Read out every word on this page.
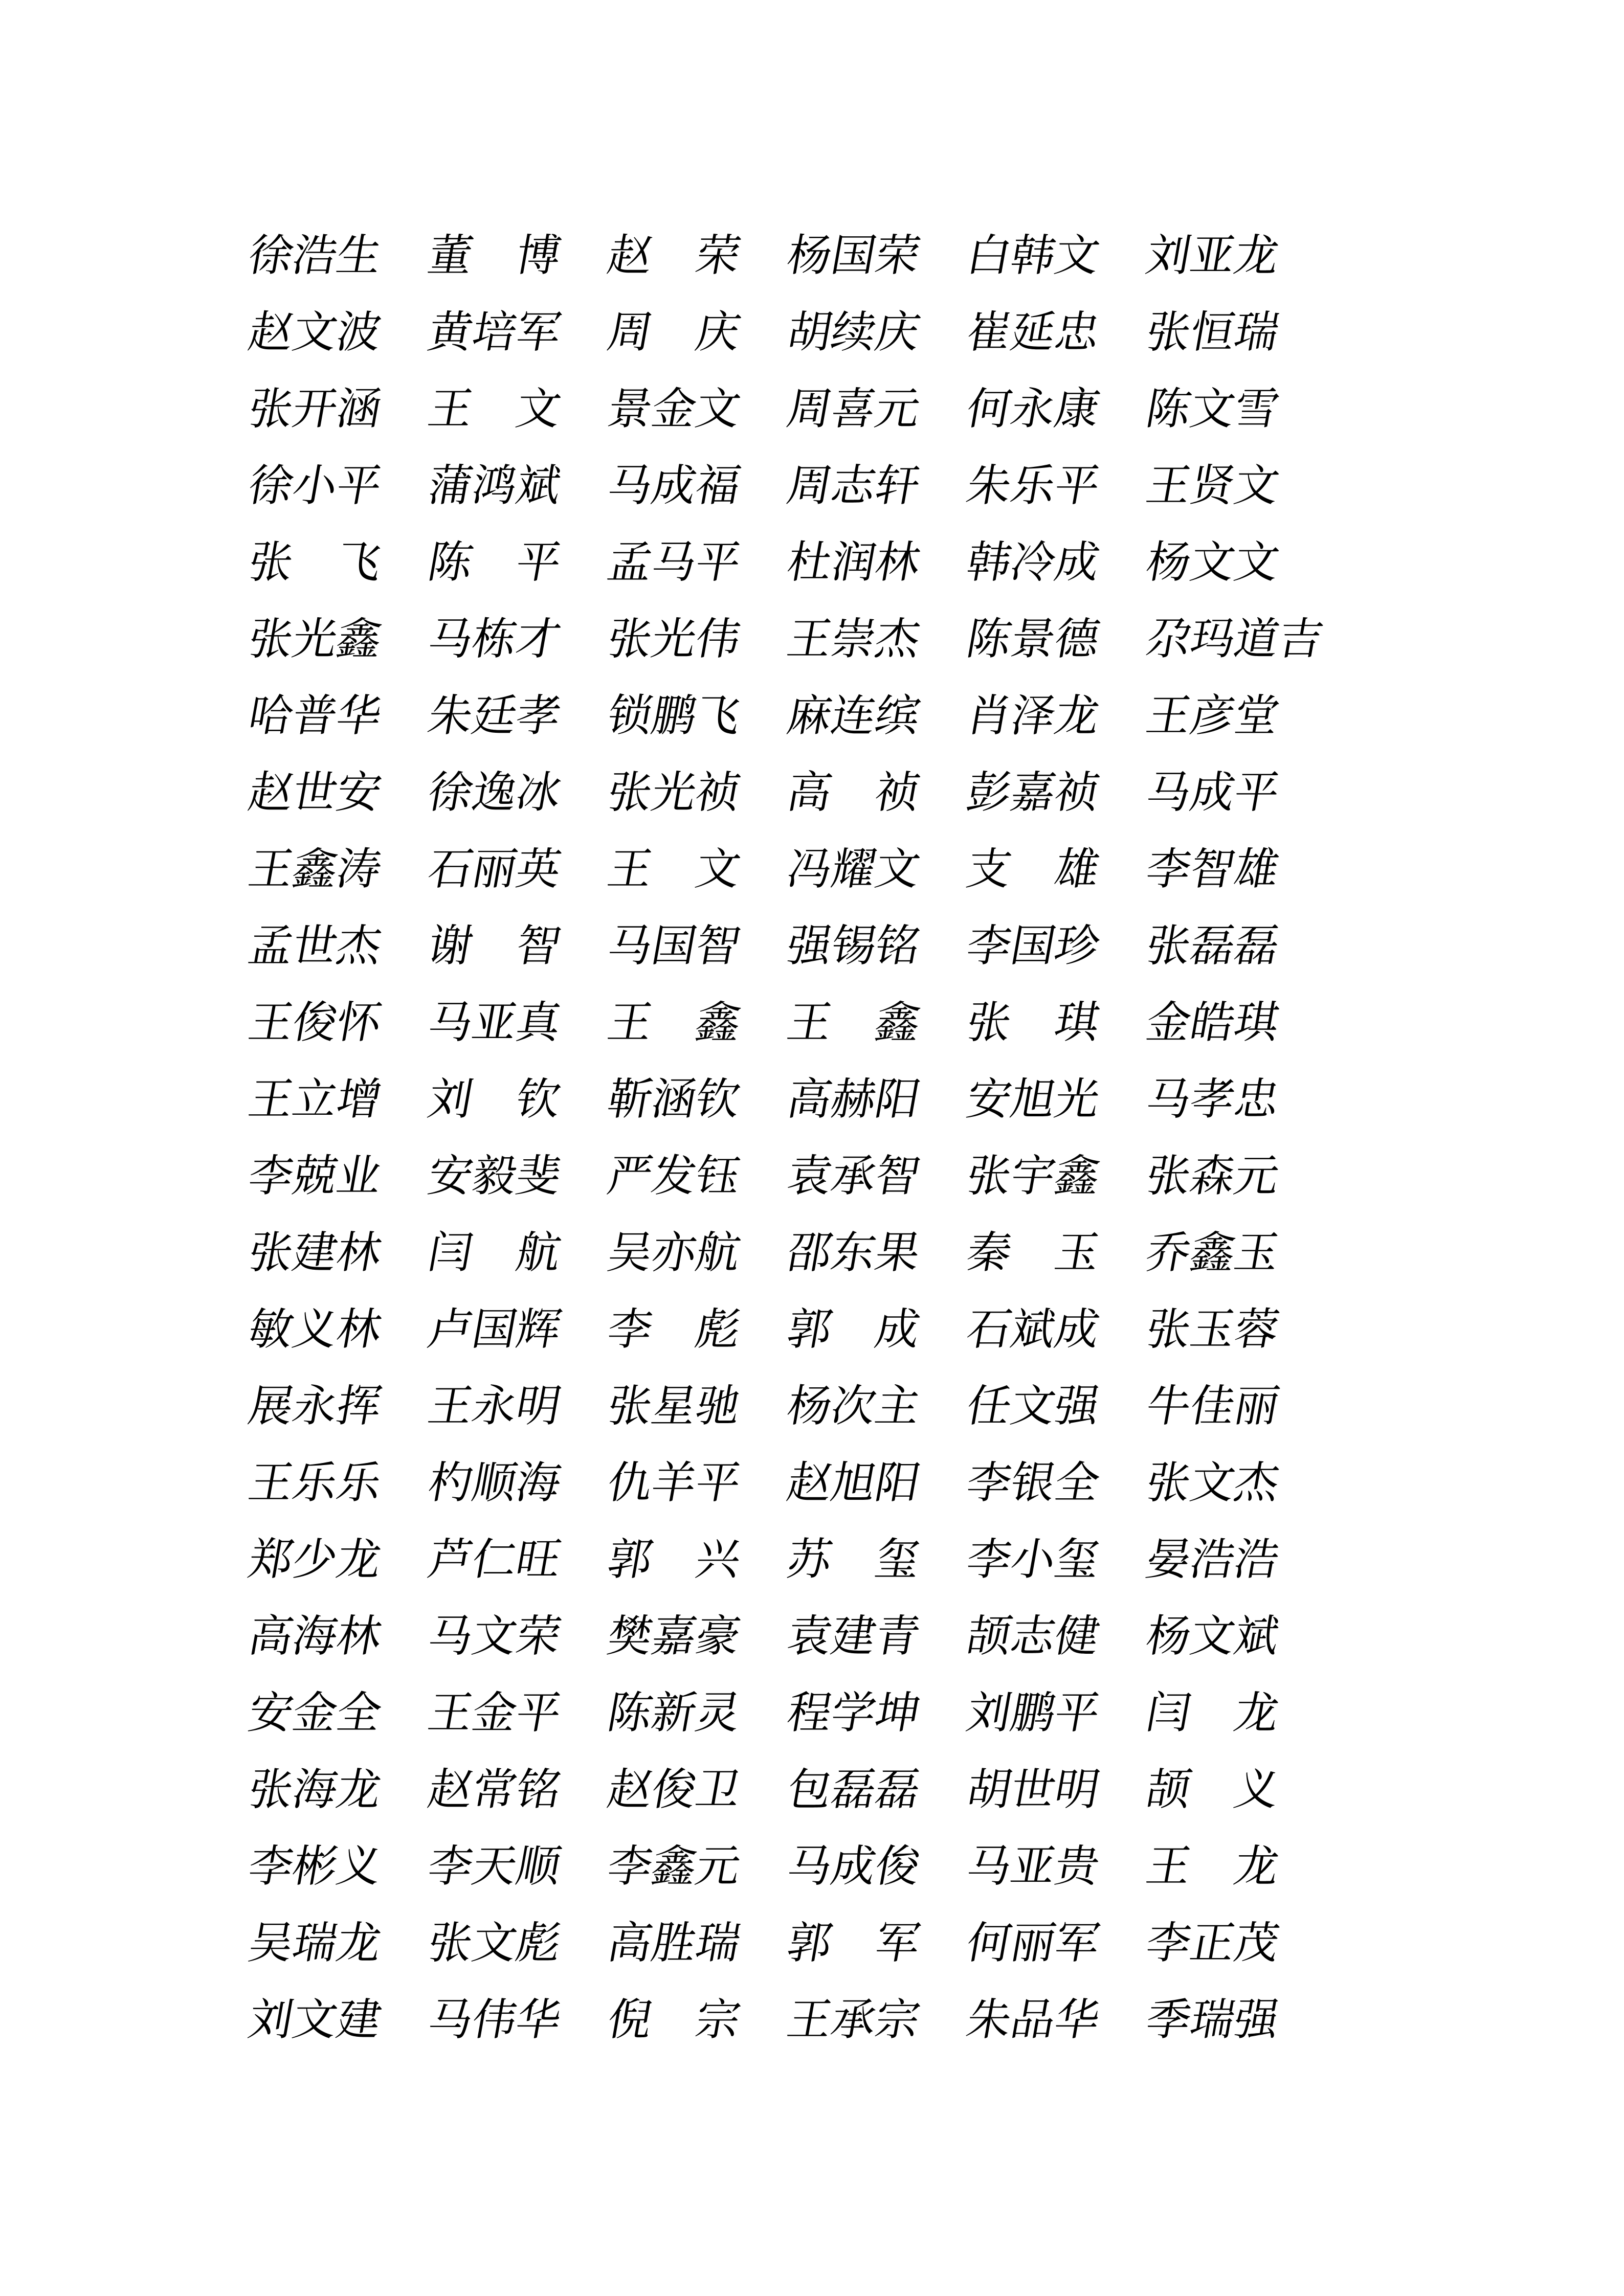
徐浩生 董　博 赵　荣 杨国荣 白韩文 刘亚龙
赵文波 黄培军 周　庆 胡续庆 崔延忠 张恒瑞
张开涵 王　文 景金文 周喜元 何永康 陈文雪
徐小平 蒲鸿斌 马成福 周志轩 朱乐平 王贤文
张　飞 陈　平 孟马平 杜润林 韩冷成 杨文文
张光鑫 马栋才 张光伟 王崇杰 陈景德 尕玛道吉
哈普华 朱廷孝 锁鹏飞 麻连缤 肖泽龙 王彦堂
赵世安 徐逸冰 张光祯 高　祯 彭嘉祯 马成平
王鑫涛 石丽英 王　文 冯耀文 支　雄 李智雄
孟世杰 谢　智 马国智 强锡铭 李国珍 张磊磊
王俊怀 马亚真 王　鑫 王　鑫 张　琪 金皓琪
王立增 刘　钦 靳涵钦 高赫阳 安旭光 马孝忠
李兢业 安毅斐 严发钰 袁承智 张宇鑫 张森元
张建林 闫　航 吴亦航 邵东果 秦　玉 乔鑫玉
敏义林 卢国辉 李　彪 郭　成 石斌成 张玉蓉
展永挥 王永明 张星驰 杨次主 任文强 牛佳丽
王乐乐 杓顺海 仇羊平 赵旭阳 李银全 张文杰
郑少龙 芦仁旺 郭　兴 苏　玺 李小玺 晏浩浩
高海林 马文荣 樊嘉豪 袁建青 颉志健 杨文斌
安金全 王金平 陈新灵 程学坤 刘鹏平 闫　龙
张海龙 赵常铭 赵俊卫 包磊磊 胡世明 颉　义
李彬义 李天顺 李鑫元 马成俊 马亚贵 王　龙
吴瑞龙 张文彪 高胜瑞 郭　军 何丽军 李正茂
刘文建 马伟华 倪　宗 王承宗 朱品华 季瑞强
